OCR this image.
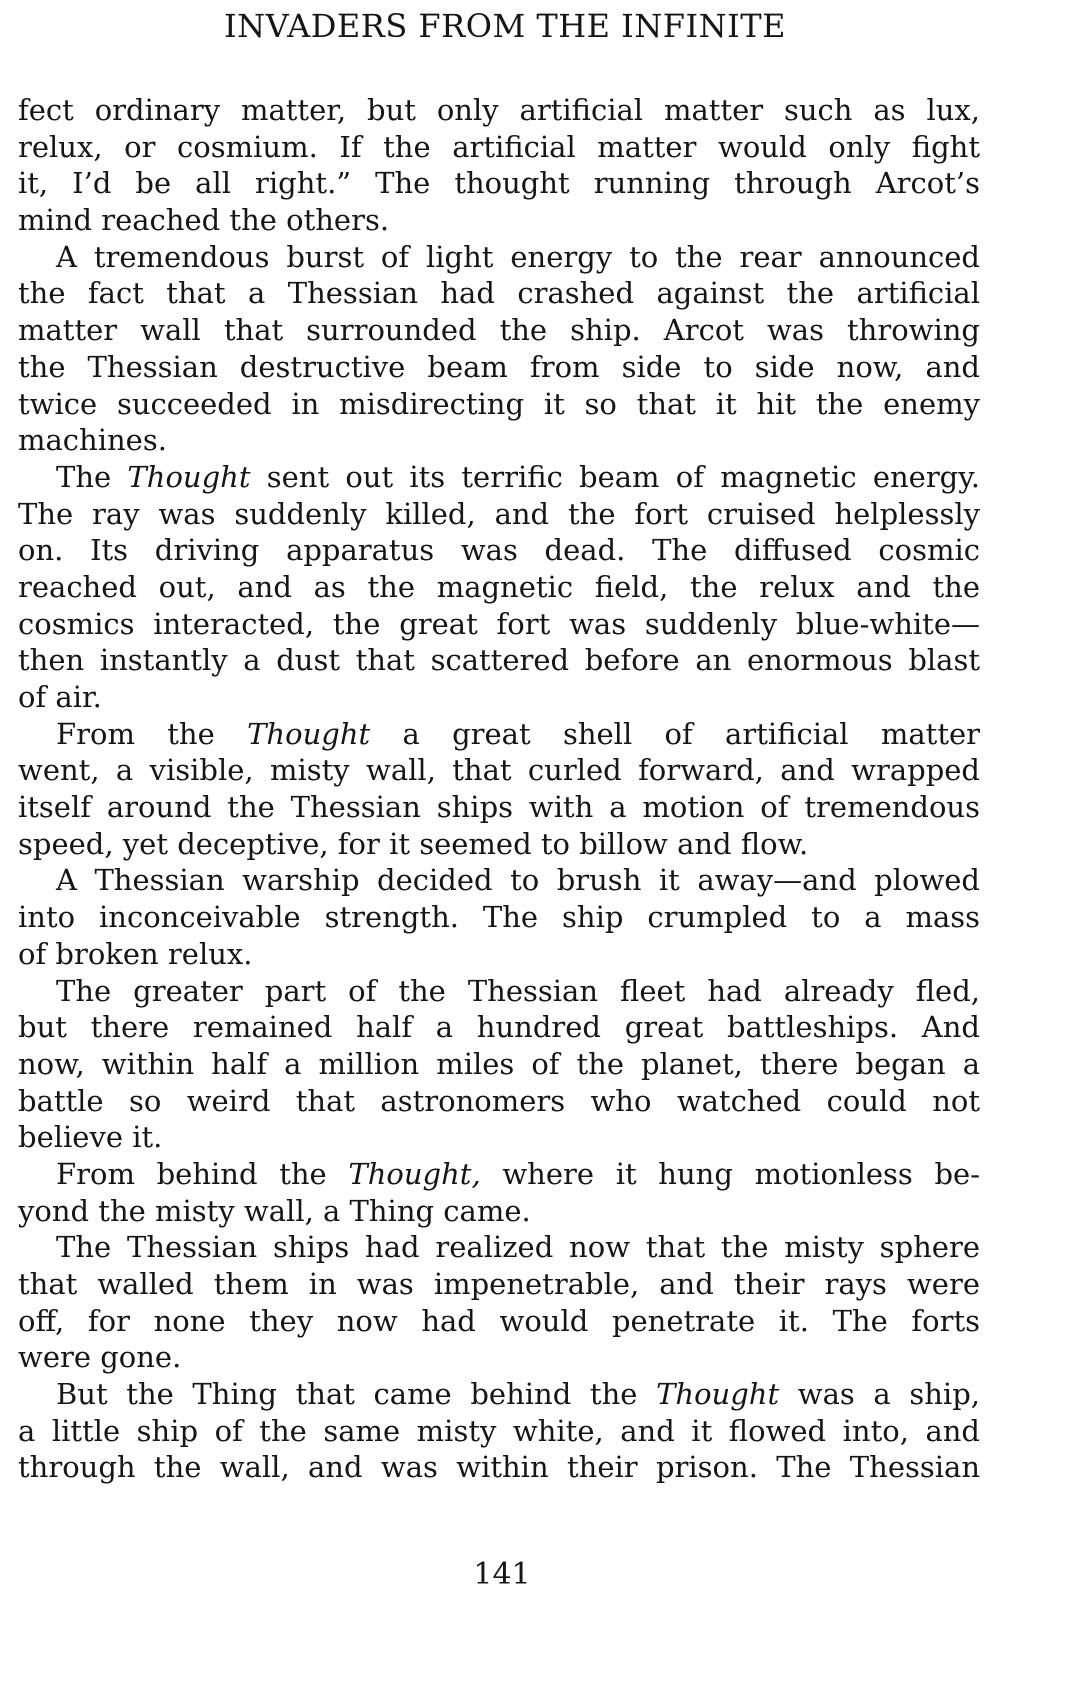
INVADERS FROM THE INFINITE
fect ordinary matter, but only artificial matter such as lux,
relux, or cosmium. If the artificial matter would only fight
it, I’d be all right.” The thought running through Arcot’s
mind reached the others.
A tremendous burst of light energy to the rear announced
the fact that a Thessian had crashed against the artificial
matter wall that surrounded the ship. Arcot was throwing
the Thessian destructive beam from side to side now, and
twice succeeded in misdirecting it so that it hit the enemy
machines.
The Thought sent out its terrific beam of magnetic energy.
The ray was suddenly killed, and the fort cruised helplessly
on. Its driving apparatus was dead. The diffused cosmic
reached out, and as the magnetic field, the relux and the
cosmics interacted, the great fort was suddenly blue-white—
then instantly a dust that scattered before an enormous blast
of air.
From the Thought a great shell of artificial matter
went, a visible, misty wall, that curled forward, and wrapped
itself around the Thessian ships with a motion of tremendous
speed, yet deceptive, for it seemed to billow and flow.
A Thessian warship decided to brush it away—and plowed
into inconceivable strength. The ship crumpled to a mass
of broken relux.
The greater part of the Thessian fleet had already fled,
but there remained half a hundred great battleships. And
now, within half a million miles of the planet, there began a
battle so weird that astronomers who watched could not
believe it.
From behind the Thought, where it hung motionless be-
yond the misty wall, a Thing came.
The Thessian ships had realized now that the misty sphere
that walled them in was impenetrable, and their rays were
off, for none they now had would penetrate it. The forts
were gone.
But the Thing that came behind the Thought was a ship,
a little ship of the same misty white, and it flowed into, and
through the wall, and was within their prison. The Thessian
141
